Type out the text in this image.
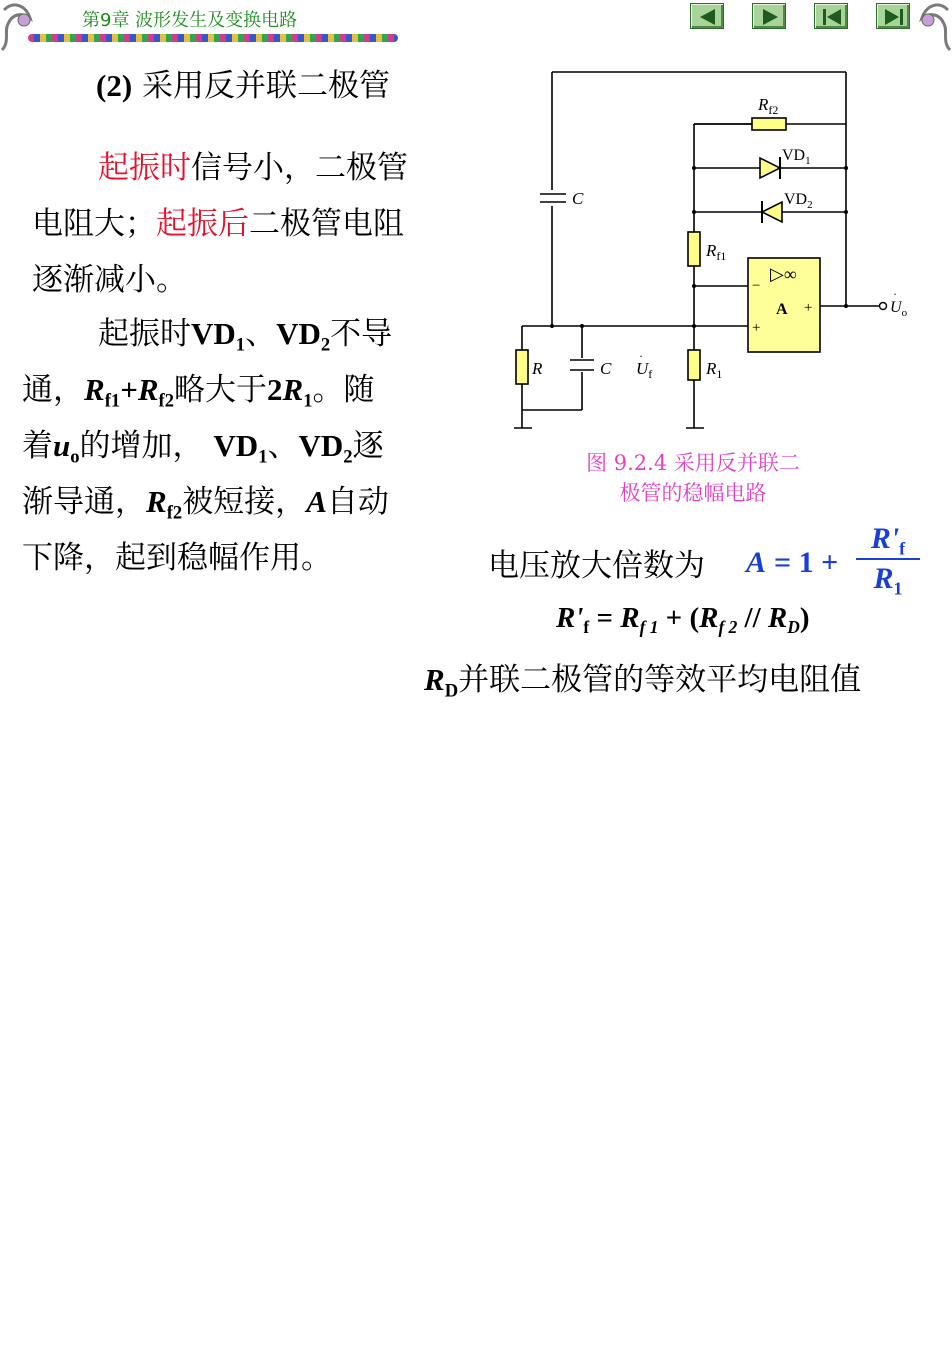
第9章 波形发生及变换电路
(2) 采用反并联二极管
起振时信号小，二极管
电阻大；起振后二极管电阻
逐渐减小。
起振时$VD_1$、$VD_2$不导
通，$R_{f1}+R_{f2}$略大于$2R_1$。随
着$u_o$的增加， $VD_1$、$VD_2$逐
渐导通，$R_{f2}$被短接，A自动
下降，起到稳幅作用。
$R_{f2}$
$VD_1$
$VD_2$
C
$R_{f1}$
▷∞
−
+
+
A	$U_o$
·
R	C $U_f$
·
$R_1$
图 9.2.4 采用反并联二
极管的稳幅电路
电压放大倍数为 A = 1 +
$R'_f$
$R_1$
$R'_f = R_{f 1} + (R_{f 2} // R_D)$
$R_D$并联二极管的等效平均电阻值
